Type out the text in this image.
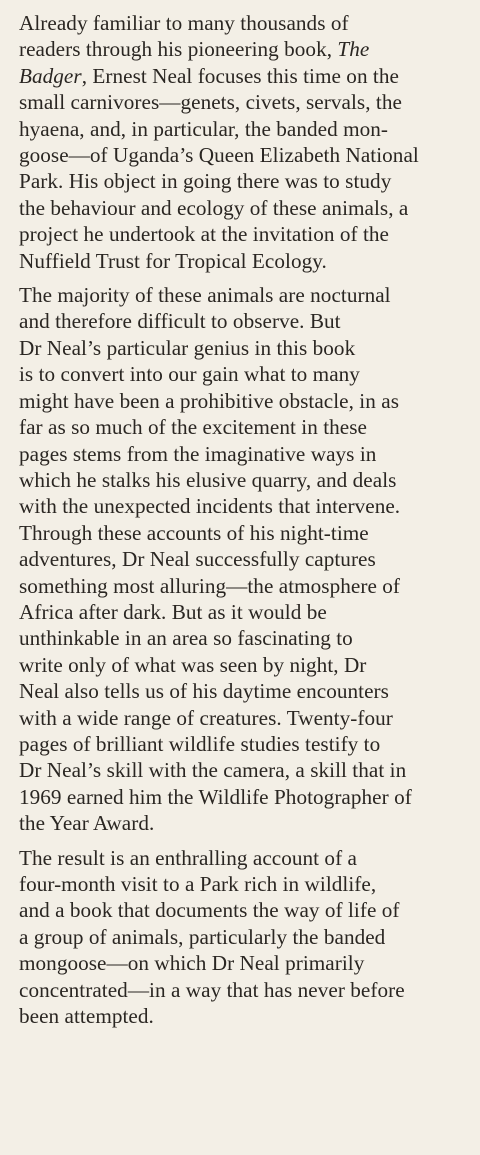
Already familiar to many thousands of
readers through his pioneering book, The
Badger, Ernest Neal focuses this time on the
small carnivores—genets, civets, servals, the
hyaena, and, in particular, the banded mon-
goose—of Uganda’s Queen Elizabeth National
Park. His object in going there was to study
the behaviour and ecology of these animals, a
project he undertook at the invitation of the
Nuffield Trust for Tropical Ecology.

The majority of these animals are nocturnal
and therefore difficult to observe. But
Dr Neal’s particular genius in this book
is to convert into our gain what to many
might have been a prohibitive obstacle, in as
far as so much of the excitement in these
pages stems from the imaginative ways in
which he stalks his elusive quarry, and deals
with the unexpected incidents that intervene.
Through these accounts of his night-time
adventures, Dr Neal successfully captures
something most alluring—the atmosphere of
Africa after dark. But as it would be
unthinkable in an area so fascinating to
write only of what was seen by night, Dr
Neal also tells us of his daytime encounters
with a wide range of creatures. Twenty-four
pages of brilliant wildlife studies testify to
Dr Neal’s skill with the camera, a skill that in
1969 earned him the Wildlife Photographer of
the Year Award.

The result is an enthralling account of a
four-month visit to a Park rich in wildlife,
and a book that documents the way of life of
a group of animals, particularly the banded
mongoose—on which Dr Neal primarily
concentrated—in a way that has never before
been attempted.
